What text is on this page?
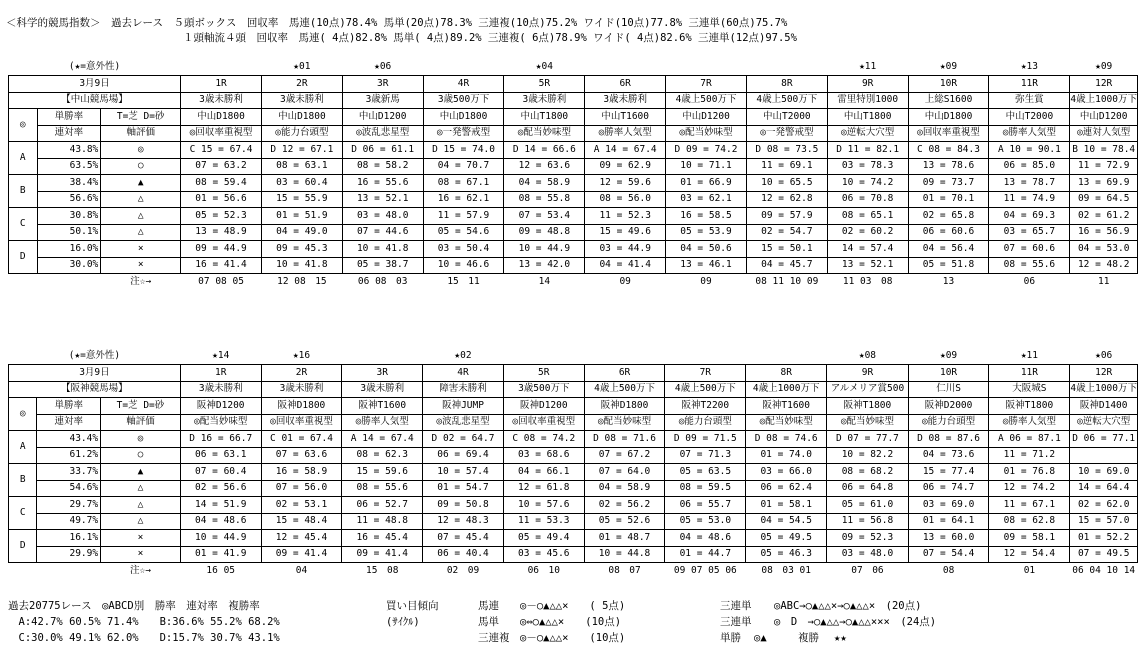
＜科学的競馬指数＞　 過去レース　５頭ボックス　回収率　馬連(10点)78.4% 馬単(20点)78.3% 三連複(10点)75.2% ワイド(10点)77.8% 三連単(60点)75.7%

　　　　　　１頭軸流４頭　回収率　馬連( 4点)82.8% 馬単( 4点)89.2% 三連複( 6点)78.9% ワイド( 4点)82.6% 三連単(12点)97.5%

(★=意外性)				★01	★06		★04				★11	★09	★13	★09
3月9日			1R	2R	3R	4R	5R	6R	7R	8R	9R	10R	11R	12R
【中山競馬場】			3歳未勝利	3歳未勝利	3歳新馬	3歳500万下	3歳未勝利	3歳未勝利	4歳上500万下	4歳上500万下	雷里特別1000	上総S1600	弥生賞	4歳上1000万下
◎	単勝率	T=芝 D=砂	中山D1800	中山D1800	中山D1200	中山D1800	中山T1800	中山T1600	中山D1200	中山T2000	中山T1800	中山D1800	中山T2000	中山D1200
	連対率	軸評価	◎回収率重視型	◎能力台頭型	◎波乱悲星型	◎一発警戒型	◎配当妙味型	◎勝率人気型	◎配当妙味型	◎一発警戒型	◎逆転大穴型	◎回収率重視型	◎勝率人気型	◎連対人気型
A	43.8%	◎	C 15 = 67.4	D 12 = 67.1	D 06 = 61.1	D 15 = 74.0	D 14 = 66.6	A 14 = 67.4	D 09 = 74.2	D 08 = 73.5	D 11 = 82.1	C 08 = 84.3	A 10 = 90.1	B 10 = 78.4
	63.5%	○	07 = 63.2	08 = 63.1	08 = 58.2	04 = 70.7	12 = 63.6	09 = 62.9	10 = 71.1	11 = 69.1	03 = 78.3	13 = 78.6	06 = 85.0	11 = 72.9
B	38.4%	▲	08 = 59.4	03 = 60.4	16 = 55.6	08 = 67.1	04 = 58.9	12 = 59.6	01 = 66.9	10 = 65.5	10 = 74.2	09 = 73.7	13 = 78.7	13 = 69.9
	56.6%	△	01 = 56.6	15 = 55.9	13 = 52.1	16 = 62.1	08 = 55.8	08 = 56.0	03 = 62.1	12 = 62.8	06 = 70.8	01 = 70.1	11 = 74.9	09 = 64.5
C	30.8%	△	05 = 52.3	01 = 51.9	03 = 48.0	11 = 57.9	07 = 53.4	11 = 52.3	16 = 58.5	09 = 57.9	08 = 65.1	02 = 65.8	04 = 69.3	02 = 61.2
	50.1%	△	13 = 48.9	04 = 49.0	07 = 44.6	05 = 54.6	09 = 48.8	15 = 49.6	05 = 53.9	02 = 54.7	02 = 60.2	06 = 60.6	03 = 65.7	16 = 56.9
D	16.0%	×	09 = 44.9	09 = 45.3	10 = 41.8	03 = 50.4	10 = 44.9	03 = 44.9	04 = 50.6	15 = 50.1	14 = 57.4	04 = 56.4	07 = 60.6	04 = 53.0
	30.0%	×	16 = 41.4	10 = 41.8	05 = 38.7	10 = 46.6	13 = 42.0	04 = 41.4	13 = 46.1	04 = 45.7	13 = 52.1	05 = 51.8	08 = 55.6	12 = 48.2
		注☆→	07 08 05	12 08　15	06 08　03	15　11	14	09	09	08 11 10 09	11 03　08	13	06	11
(★=意外性)			★14	★16		★02					★08	★09	★11	★06
3月9日			1R	2R	3R	4R	5R	6R	7R	8R	9R	10R	11R	12R
【阪神競馬場】			3歳未勝利	3歳未勝利	3歳未勝利	障害未勝利	3歳500万下	4歳上500万下	4歳上500万下	4歳上1000万下	アルメリア賞500	仁川S	大阪城S	4歳上1000万下
◎	単勝率	T=芝 D=砂	阪神D1200	阪神D1800	阪神T1600	阪神JUMP	阪神D1200	阪神D1800	阪神T2200	阪神T1600	阪神T1800	阪神D2000	阪神T1800	阪神D1400
	連対率	軸評価	◎配当妙味型	◎回収率重視型	◎勝率人気型	◎波乱悲星型	◎回収率重視型	◎配当妙味型	◎能力台頭型	◎配当妙味型	◎配当妙味型	◎能力台頭型	◎勝率人気型	◎逆転大穴型
A	43.4%	◎	D 16 = 66.7	C 01 = 67.4	A 14 = 67.4	D 02 = 64.7	C 08 = 74.2	D 08 = 71.6	D 09 = 71.5	D 08 = 74.6	D 07 = 77.7	D 08 = 87.6	A 06 = 87.1	D 06 = 77.1
	61.2%	○	06 = 63.1	07 = 63.6	08 = 62.3	06 = 69.4	03 = 68.6	07 = 67.2	07 = 71.3	01 = 74.0	10 = 82.2	04 = 73.6	11 = 71.2	
B	33.7%	▲	07 = 60.4	16 = 58.9	15 = 59.6	10 = 57.4	04 = 66.1	07 = 64.0	05 = 63.5	03 = 66.0	08 = 68.2	15 = 77.4	01 = 76.8	10 = 69.0
	54.6%	△	02 = 56.6	07 = 56.0	08 = 55.6	01 = 54.7	12 = 61.8	04 = 58.9	08 = 59.5	06 = 62.4	06 = 64.8	06 = 74.7	12 = 74.2	14 = 64.4
C	29.7%	△	14 = 51.9	02 = 53.1	06 = 52.7	09 = 50.8	10 = 57.6	02 = 56.2	06 = 55.7	01 = 58.1	05 = 61.0	03 = 69.0	11 = 67.1	02 = 62.0
	49.7%	△	04 = 48.6	15 = 48.4	11 = 48.8	12 = 48.3	11 = 53.3	05 = 52.6	05 = 53.0	04 = 54.5	11 = 56.8	01 = 64.1	08 = 62.8	15 = 57.0
D	16.1%	×	10 = 44.9	12 = 45.4	16 = 45.4	07 = 45.4	05 = 49.4	01 = 48.7	04 = 48.6	05 = 49.5	09 = 52.3	13 = 60.0	09 = 58.1	01 = 52.2
	29.9%	×	01 = 41.9	09 = 41.4	09 = 41.4	06 = 40.4	03 = 45.6	10 = 44.8	01 = 44.7	05 = 46.3	03 = 48.0	07 = 54.4	12 = 54.4	07 = 49.5
		注☆→	16 05	04	15　08	02　09	06　10	08　07	09 07 05 06	08　03 01	07　06	08	01	06 04 10 14
過去20775レース　◎ABCD別　勝率　連対率　複勝率
　A:42.7% 60.5% 71.4%　　B:36.6% 55.2% 68.2%
　C:30.0% 49.1% 62.0%　　D:15.7% 30.7% 43.1%
買い目傾向
(ｻｲｸﾙ)
馬連 ◎－○▲△△×　　( 5点)
馬単 ◎⇔○▲△△×　　(10点)
三連複 ◎－○▲△△×　　(10点)
三連単 ◎ABC→○▲△△×→○▲△△×　(20点)
三連単 ◎　D　→○▲△△→○▲△△×××　(24点)
単勝 ◎▲	複勝 ★★
